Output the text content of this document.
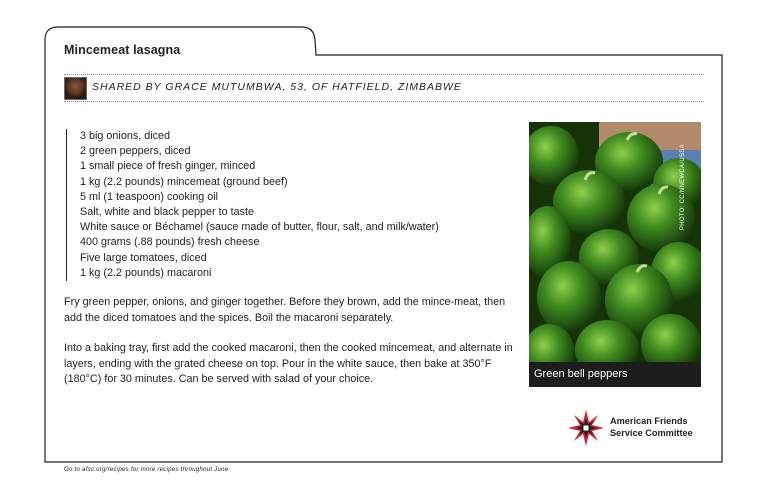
Mincemeat lasagna
SHARED BY GRACE MUTUMBWA, 53, OF HATFIELD, ZIMBABWE
3 big onions, diced
2 green peppers, diced
1 small piece of fresh ginger, minced
1 kg (2.2 pounds) mincemeat (ground beef)
5 ml (1 teaspoon) cooking oil
Salt, white and black pepper to taste
White sauce or Béchamel (sauce made of butter, flour, salt, and milk/water)
400 grams (.88 pounds) fresh cheese
Five large tomatoes, diced
1 kg (2.2 pounds) macaroni
Fry green pepper, onions, and ginger together. Before they brown, add the mince-meat, then add the diced tomatoes and the spices. Boil the macaroni separately.
Into a baking tray, first add the cooked macaroni, then the cooked mincemeat, and alternate in layers, ending with the grated cheese on top. Pour in the white sauce, then bake at 350°F (180°C) for 30 minutes. Can be served with salad of your choice.
PHOTO: CC/NNEWCA/USSA
Green bell peppers
American Friends
Service Committee
Go to afsc.org/recipes for more recipes throughout June
